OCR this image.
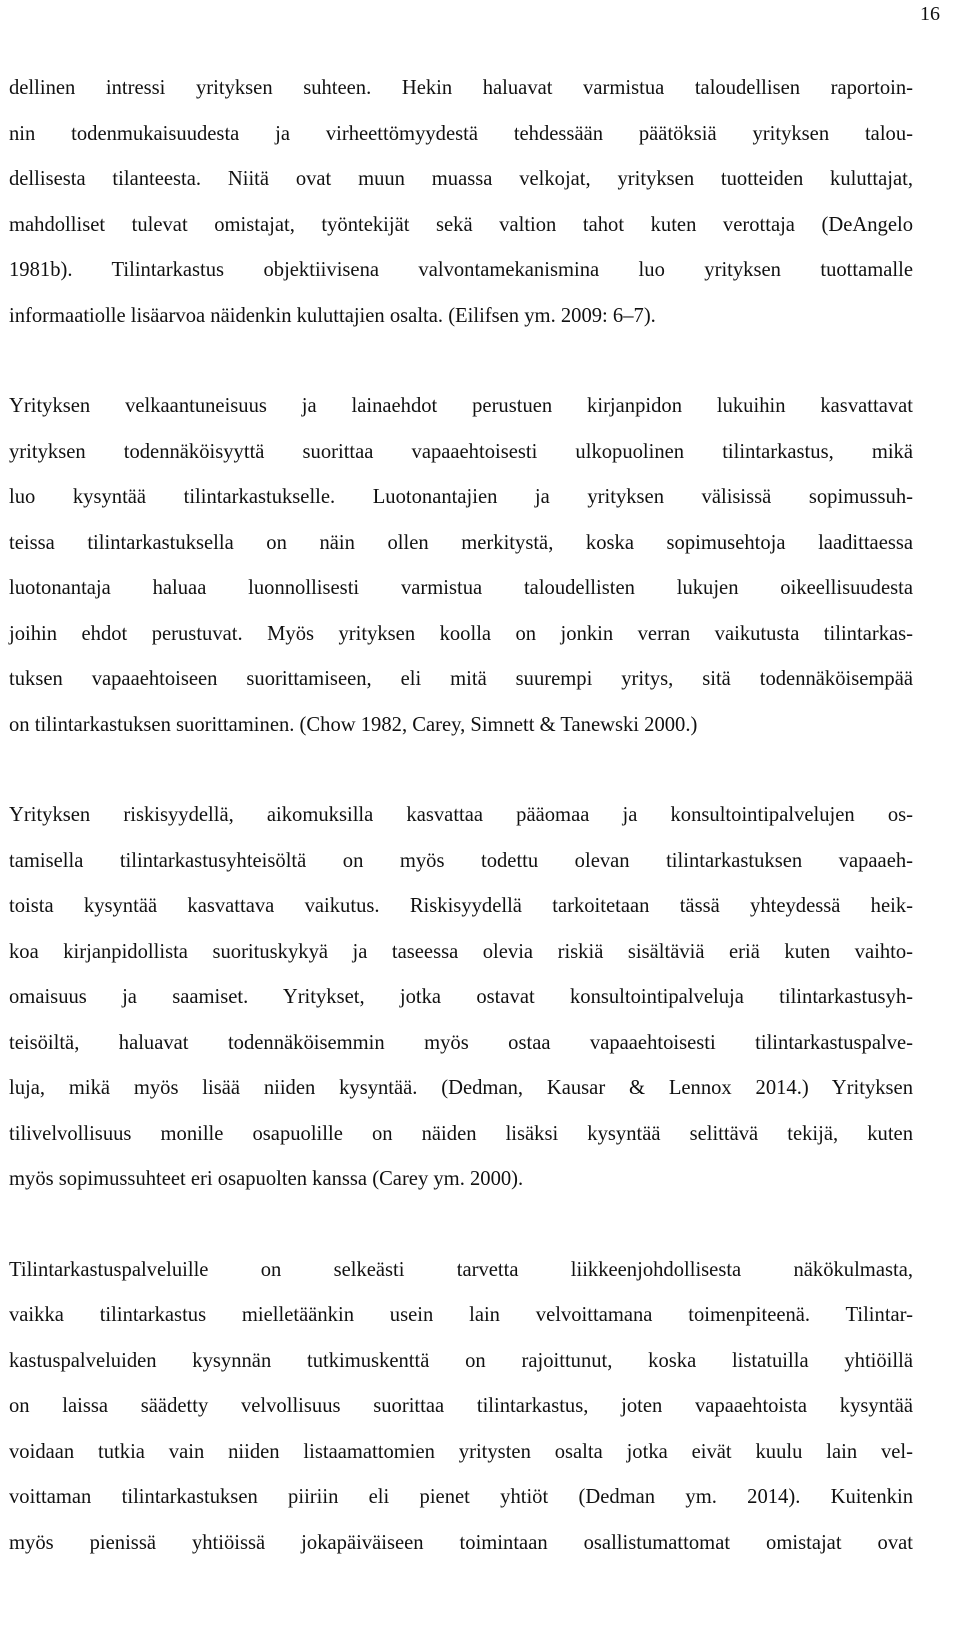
16
dellinen intressi yrityksen suhteen. Hekin haluavat varmistua taloudellisen raportoin-
nin todenmukaisuudesta ja virheettömyydestä tehdessään päätöksiä yrityksen talou-
dellisesta tilanteesta. Niitä ovat muun muassa velkojat, yrityksen tuotteiden kuluttajat,
mahdolliset tulevat omistajat, työntekijät sekä valtion tahot kuten verottaja (DeAngelo
1981b). Tilintarkastus objektiivisena valvontamekanismina luo yrityksen tuottamalle
informaatiolle lisäarvoa näidenkin kuluttajien osalta. (Eilifsen ym. 2009: 6–7).
Yrityksen velkaantuneisuus ja lainaehdot perustuen kirjanpidon lukuihin kasvattavat
yrityksen todennäköisyyttä suorittaa vapaaehtoisesti ulkopuolinen tilintarkastus, mikä
luo kysyntää tilintarkastukselle. Luotonantajien ja yrityksen välisissä sopimussuh-
teissa tilintarkastuksella on näin ollen merkitystä, koska sopimusehtoja laadittaessa
luotonantaja haluaa luonnollisesti varmistua taloudellisten lukujen oikeellisuudesta
joihin ehdot perustuvat. Myös yrityksen koolla on jonkin verran vaikutusta tilintarkas-
tuksen vapaaehtoiseen suorittamiseen, eli mitä suurempi yritys, sitä todennäköisempää
on tilintarkastuksen suorittaminen. (Chow 1982, Carey, Simnett & Tanewski 2000.)
Yrityksen riskisyydellä, aikomuksilla kasvattaa pääomaa ja konsultointipalvelujen os-
tamisella tilintarkastusyhteisöltä on myös todettu olevan tilintarkastuksen vapaaeh-
toista kysyntää kasvattava vaikutus. Riskisyydellä tarkoitetaan tässä yhteydessä heik-
koa kirjanpidollista suorituskykyä ja taseessa olevia riskiä sisältäviä eriä kuten vaihto-
omaisuus ja saamiset. Yritykset, jotka ostavat konsultointipalveluja tilintarkastusyh-
teisöiltä, haluavat todennäköisemmin myös ostaa vapaaehtoisesti tilintarkastuspalve-
luja, mikä myös lisää niiden kysyntää. (Dedman, Kausar & Lennox 2014.) Yrityksen
tilivelvollisuus monille osapuolille on näiden lisäksi kysyntää selittävä tekijä, kuten
myös sopimussuhteet eri osapuolten kanssa (Carey ym. 2000).
Tilintarkastuspalveluille on selkeästi tarvetta liikkeenjohdollisesta näkökulmasta,
vaikka tilintarkastus mielletäänkin usein lain velvoittamana toimenpiteenä. Tilintar-
kastuspalveluiden kysynnän tutkimuskenttä on rajoittunut, koska listatuilla yhtiöillä
on laissa säädetty velvollisuus suorittaa tilintarkastus, joten vapaaehtoista kysyntää
voidaan tutkia vain niiden listaamattomien yritysten osalta jotka eivät kuulu lain vel-
voittaman tilintarkastuksen piiriin eli pienet yhtiöt (Dedman ym. 2014). Kuitenkin
myös pienissä yhtiöissä jokapäiväiseen toimintaan osallistumattomat omistajat ovat
